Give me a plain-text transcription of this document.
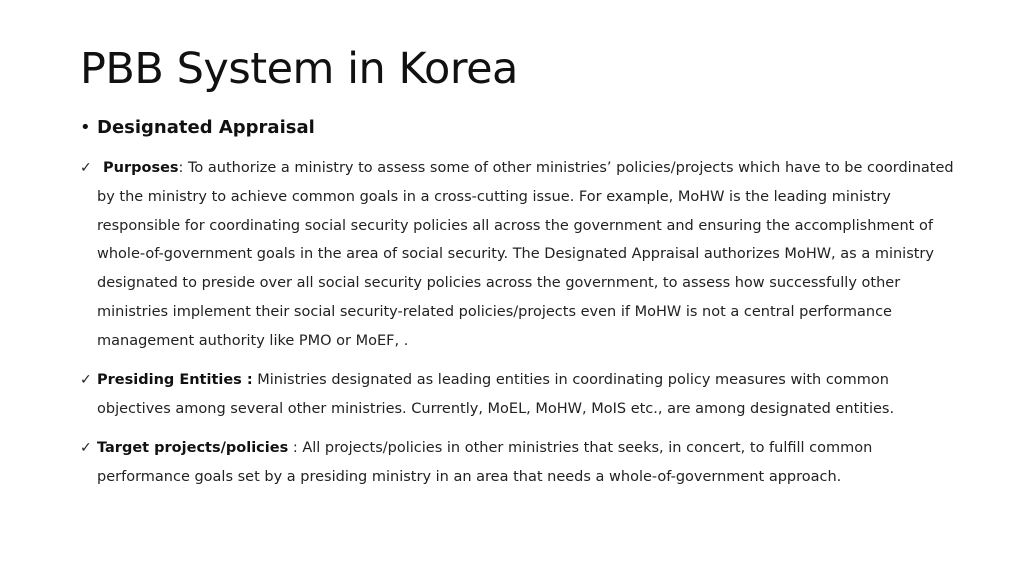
PBB System in Korea
• Designated Appraisal
✓ Purposes: To authorize a ministry to assess some of other ministries’ policies/projects which have to be coordinated by the ministry to achieve common goals in a cross-cutting issue. For example, MoHW is the leading ministry responsible for coordinating social security policies all across the government and ensuring the accomplishment of whole-of-government goals in the area of social security. The Designated Appraisal authorizes MoHW, as a ministry designated to preside over all social security policies across the government, to assess how successfully other ministries implement their social security-related policies/projects even if MoHW is not a central performance management authority like PMO or MoEF, .
✓ Presiding Entities : Ministries designated as leading entities in coordinating policy measures with common objectives among several other ministries. Currently, MoEL, MoHW, MoIS etc., are among designated entities.
✓ Target projects/policies : All projects/policies in other ministries that seeks, in concert, to fulfill common performance goals set by a presiding ministry in an area that needs a whole-of-government approach.
